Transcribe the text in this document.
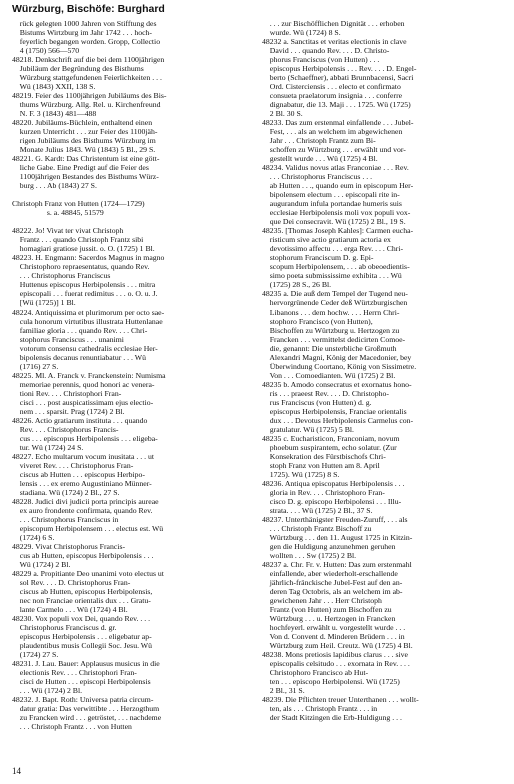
Würzburg, Bischöfe: Burghard
rück gelegten 1000 Jahren von Stifftung des
Bistums Wirtzburg im Jahr 1742 . . . hoch-
feyerlich begangen worden. Gropp, Collectio
4 (1750) 566—570
48218. Denkschrift auf die bei dem 1100jährigen
Jubiläum der Begründung des Bisthums
Würzburg stattgefundenen Feierlichkeiten . . .
Wü (1843) XXII, 138 S.
48219. Feier des 1100jährigen Jubiläums des Bis-
thums Würzburg. Allg. Rel. u. Kirchenfreund
N. F. 3 (1843) 481—488
48220. Jubiläums-Büchlein, enthaltend einen
kurzen Unterricht . . . zur Feier des 1100jäh-
rigen Jubiläums des Bisthums Würzburg im
Monate Julius 1843. Wü (1843) 5 Bl., 29 S.
48221. G. Kardt: Das Christentum ist eine gött-
liche Gabe. Eine Predigt auf die Feier des
1100jährigen Bestandes des Bisthums Würz-
burg . . . Ab (1843) 27 S.
Christoph Franz von Hutten (1724—1729)
s. a. 48845, 51579
48222. Jo! Vivat ter vivat Christoph
Frantz . . . quando Christoph Frantz sibi
homagiari gratiose jussit. o. O. (1725) 1 Bl.
48223. H. Engmann: Sacerdos Magnus in magno
Christophoro repraesentatus, quando Rev.
. . . Christophorus Franciscus
Huttenus episcopus Herbipolensis . . . mitra
episcopali . . . fuerat redimitus . . . o. O. u. J.
[Wü (1725)] 1 Bl.
48224. Antiquissima et plurimorum per octo sae-
cula honorum virtutibus illustrata Huttenlanae
familiae gloria . . . quando Rev. . . . Chri-
stophorus Franciscus . . . unanimi
votorum consensu cathedralis ecclesiae Her-
bipolensis decanus renuntiabatur . . . Wü
(1716) 27 S.
48225. Ml. A. Franck v. Franckenstein: Numisma
memoriae perennis, quod honori ac venera-
tioni Rev. . . . Christophori Fran-
cisci . . . post auspicatissimam ejus electio-
nem . . . sparsit. Prag (1724) 2 Bl.
48226. Actio gratiarum instituta . . . quando
Rev. . . . Christophorus Francis-
cus . . . episcopus Herbipolensis . . . eligeba-
tur. Wü (1724) 24 S.
48227. Echo multarum vocum inusitata . . . ut
viveret Rev. . . . Christophorus Fran-
ciscus ab Hutten . . . episcopus Herbipo-
lensis . . . ex eremo Augustiniano Münner-
stadiana. Wü (1724) 2 Bl., 27 S.
48228. Judici divi judicii porta principis aureae
ex auro frondente confirmata, quando Rev.
. . . Christophorus Franciscus in
episcopum Herbipolensem . . . electus est. Wü
(1724) 6 S.
48229. Vivat Christophorus Francis-
cus ab Hutten, episcopus Herbipolensis . . .
Wü (1724) 2 Bl.
48229 a. Propitiante Deo unanimi voto electus ut
sol Rev. . . . D. Christophorus Fran-
ciscus ab Hutten, episcopus Herbipolensis,
nec non Franciae orientalis dux . . . Gratu-
lante Carmelo . . . Wü (1724) 4 Bl.
48230. Vox populi vox Dei, quando Rev. . . .
Christophorus Franciscus d. gr.
episcopus Herbipolensis . . . eligebatur ap-
plaudentibus musis Collegii Soc. Jesu. Wü
(1724) 27 S.
48231. J. Lau. Bauer: Applausus musicus in die
electionis Rev. . . . Christophori Fran-
cisci de Hutten . . . episcopi Herbipolensis
. . . Wü (1724) 2 Bl.
48232. J. Bapt. Roth: Universa patria circum-
datur gratia: Das verwittibte . . . Herzogthum
zu Francken wird . . . getröstet, . . . nachdeme
. . . Christoph Frantz . . . von Hutten
. . . zur Bischöfflichen Dignität . . . erhoben
wurde. Wü (1724) 8 S.
48232 a. Sanctitas et veritas electionis in clave
David . . . quando Rev. . . . D. Christo-
phorus Franciscus (von Hutten) . . .
episcopus Herbipolensis . . . Rev. . . . D. Engel-
berto (Schaeffner), abbati Brunnbacensi, Sacri
Ord. Cisterciensis . . . electo et confirmato
consueta praelatorum insignia . . . conferre
dignabatur, die 13. Maji . . . 1725. Wü (1725)
2 Bl. 30 S.
48233. Das zum erstenmal einfallende . . . Jubel-
Fest, . . . als an welchem im abgewichenen
Jahr . . . Christoph Frantz zum Bi-
schoffen zu Würtzburg . . . erwählt und vor-
gestellt wurde . . . Wü (1725) 4 Bl.
48234. Validus novus atlas Franconiae . . . Rev.
. . . Christophorus Franciscus . . .
ab Hutten . . ., quando eum in episcopum Her-
bipolensem electum . . . episcopali rite in-
augurandum infula portandae humeris suis
ecclesiae Herbipolensis moli vox populi vox-
que Dei consecravit. Wü (1725) 2 Bl., 19 S.
48235. [Thomas Joseph Kahles]: Carmen eucha-
risticum sive actio gratiarum actoria ex
devotissimo affectu . . . erga Rev. . . . Chri-
stophorum Franciscum D. g. Epi-
scopum Herbipolensem, . . . ab obeoedientis-
simo poeta submississime exhibita . . . Wü
(1725) 28 S., 26 Bl.
48235 a. Die auß dem Tempel der Tugend neu-
hervorgrünende Ceder deß Würtzburgischen
Libanons . . . dem hochw. . . . Herrn Chri-
stophoro Francisco (von Hutten),
Bischoffen zu Würtzburg u. Hertzogen zu
Francken . . . vermittelst dedicirten Comoe-
die, genannt: Die unsterbliche Großmuth
Alexandri Magni, König der Macedonier, bey
Überwindung Coortano, König von Sissimetre.
Von . . . Comoedianten. Wü (1725) 2 Bl.
48235 b. Amodo consecratus et exornatus hono-
ris . . . praeest Rev. . . . D. Christopho-
rus Franciscus (von Hutten) d. g.
episcopus Herbipolensis, Franciae orientalis
dux . . . Devotus Herbipolensis Carmelus con-
gratulatur. Wü (1725) 5 Bl.
48235 c. Eucharisticon, Franconiam, novum
phoebum suspirantem, echo solatur. (Zur
Konsekration des Fürstbischofs Chri-
stoph Franz von Hutten am 8. April
1725). Wü (1725) 8 S.
48236. Antiqua episcopatus Herbipolensis . . .
gloria in Rev. . . . Christophoro Fran-
cisco D. g. episcopo Herbipolensi . . . Illu-
strata. . . . Wü (1725) 2 Bl., 37 S.
48237. Unterthänigster Freuden-Zuruff, . . . als
. . . Christoph Frantz Bischoff zu
Würtzburg . . . den 11. August 1725 in Kitzin-
gen die Huldigung anzunehmen geruhen
wollten . . . Sw (1725) 2 Bl.
48237 a. Chr. Fr. v. Hutten: Das zum erstenmahl
einfallende, aber wiederholt-erschallende
jährlich-fränckische Jubel-Fest auf den an-
deren Tag Octobris, als an welchem im ab-
gewichenen Jahr . . . Herr Christoph
Frantz (von Hutten) zum Bischoffen zu
Würtzburg . . . u. Hertzogen in Francken
hochfeyerl. erwählt u. vorgestellt wurde . . .
Von d. Convent d. Minderen Brüdern . . . in
Würtzburg zum Heil. Creutz. Wü (1725) 4 Bl.
48238. Mons pretiosis lapidibus clarus . . . sive
episcopalis celsitudo . . . exornata in Rev. . . .
Christophoro Francisco ab Hut-
ten . . . episcopo Herbipolensi. Wü (1725)
2 Bl., 31 S.
48239. Die Pflichten treuer Unterthanen . . . wollt-
ten, als . . . Christoph Frantz . . . in
der Stadt Kitzingen die Erb-Huldigung . . .
14
